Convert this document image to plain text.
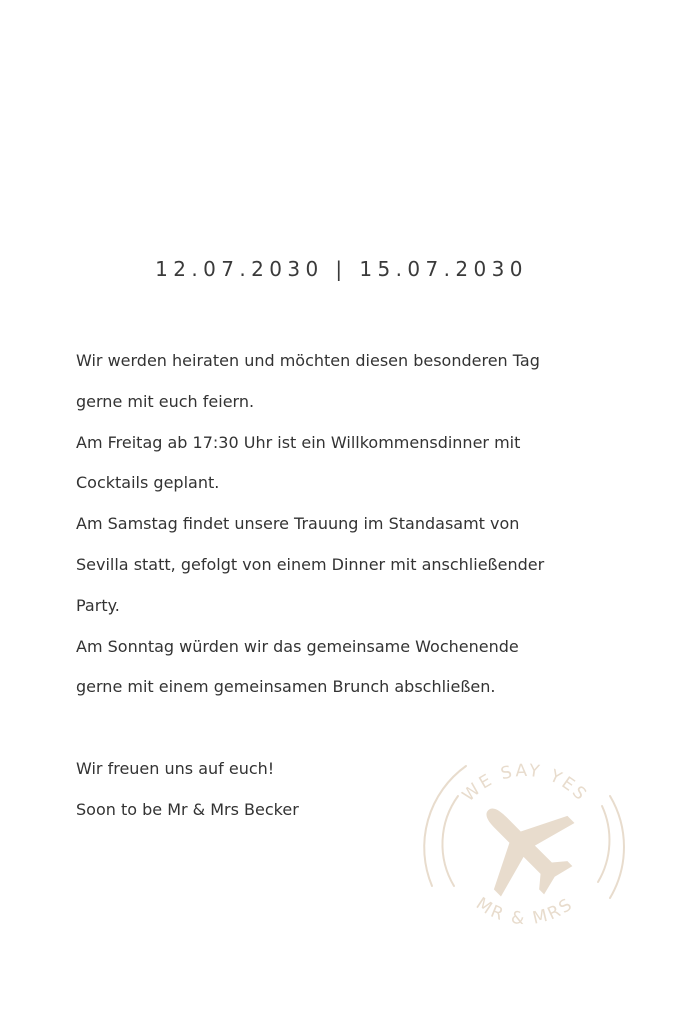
12.07.2030 | 15.07.2030

Wir werden heiraten und möchten diesen besonderen Tag

gerne mit euch feiern.

Am Freitag ab 17:30 Uhr ist ein Willkommensdinner mit

Cocktails geplant.

Am Samstag findet unsere Trauung im Standasamt von

Sevilla statt, gefolgt von einem Dinner mit anschließender

Party.

Am Sonntag würden wir das gemeinsame Wochenende

gerne mit einem gemeinsamen Brunch abschließen.

Wir freuen uns auf euch!

Soon to be Mr & Mrs Becker

WE SAY YES
MR & MRS
